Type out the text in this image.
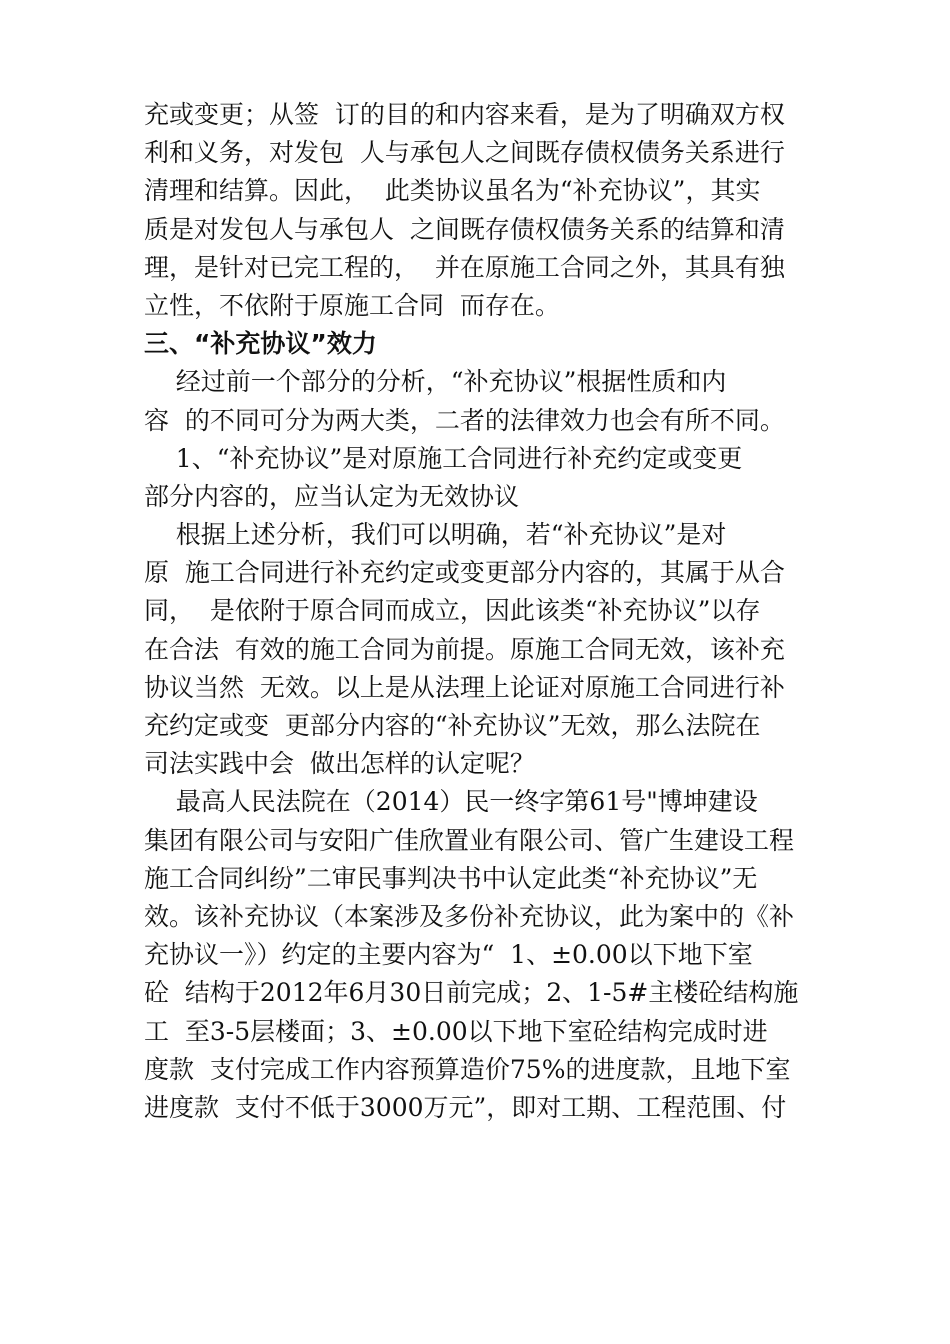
充或变更；从签  订的目的和内容来看，是为了明确双方权
利和义务，对发包  人与承包人之间既存债权债务关系进行
清理和结算。因此，  此类协议虽名为“补充协议”，其实
质是对发包人与承包人  之间既存债权债务关系的结算和清
理，是针对已完工程的，  并在原施工合同之外，其具有独
立性，不依附于原施工合同  而存在。
三、“补充协议”效力
经过前一个部分的分析，“补充协议”根据性质和内
容  的不同可分为两大类，二者的法律效力也会有所不同。
1、“补充协议”是对原施工合同进行补充约定或变更
部分内容的，应当认定为无效协议
根据上述分析，我们可以明确，若“补充协议”是对
原  施工合同进行补充约定或变更部分内容的，其属于从合
同，  是依附于原合同而成立，因此该类“补充协议”以存
在合法  有效的施工合同为前提。原施工合同无效，该补充
协议当然  无效。以上是从法理上论证对原施工合同进行补
充约定或变  更部分内容的“补充协议”无效，那么法院在
司法实践中会  做出怎样的认定呢？
最高人民法院在（2014）民一终字第61号"博坤建设
集团有限公司与安阳广佳欣置业有限公司、管广生建设工程
施工合同纠纷”二审民事判决书中认定此类“补充协议”无
效。该补充协议（本案涉及多份补充协议，此为案中的《补
充协议一》）约定的主要内容为“  1、±0.00以下地下室
砼  结构于2012年6月30日前完成；2、1-5#主楼砼结构施
工  至3-5层楼面；3、±0.00以下地下室砼结构完成时进
度款  支付完成工作内容预算造价75%的进度款，且地下室
进度款  支付不低于3000万元”，即对工期、工程范围、付
